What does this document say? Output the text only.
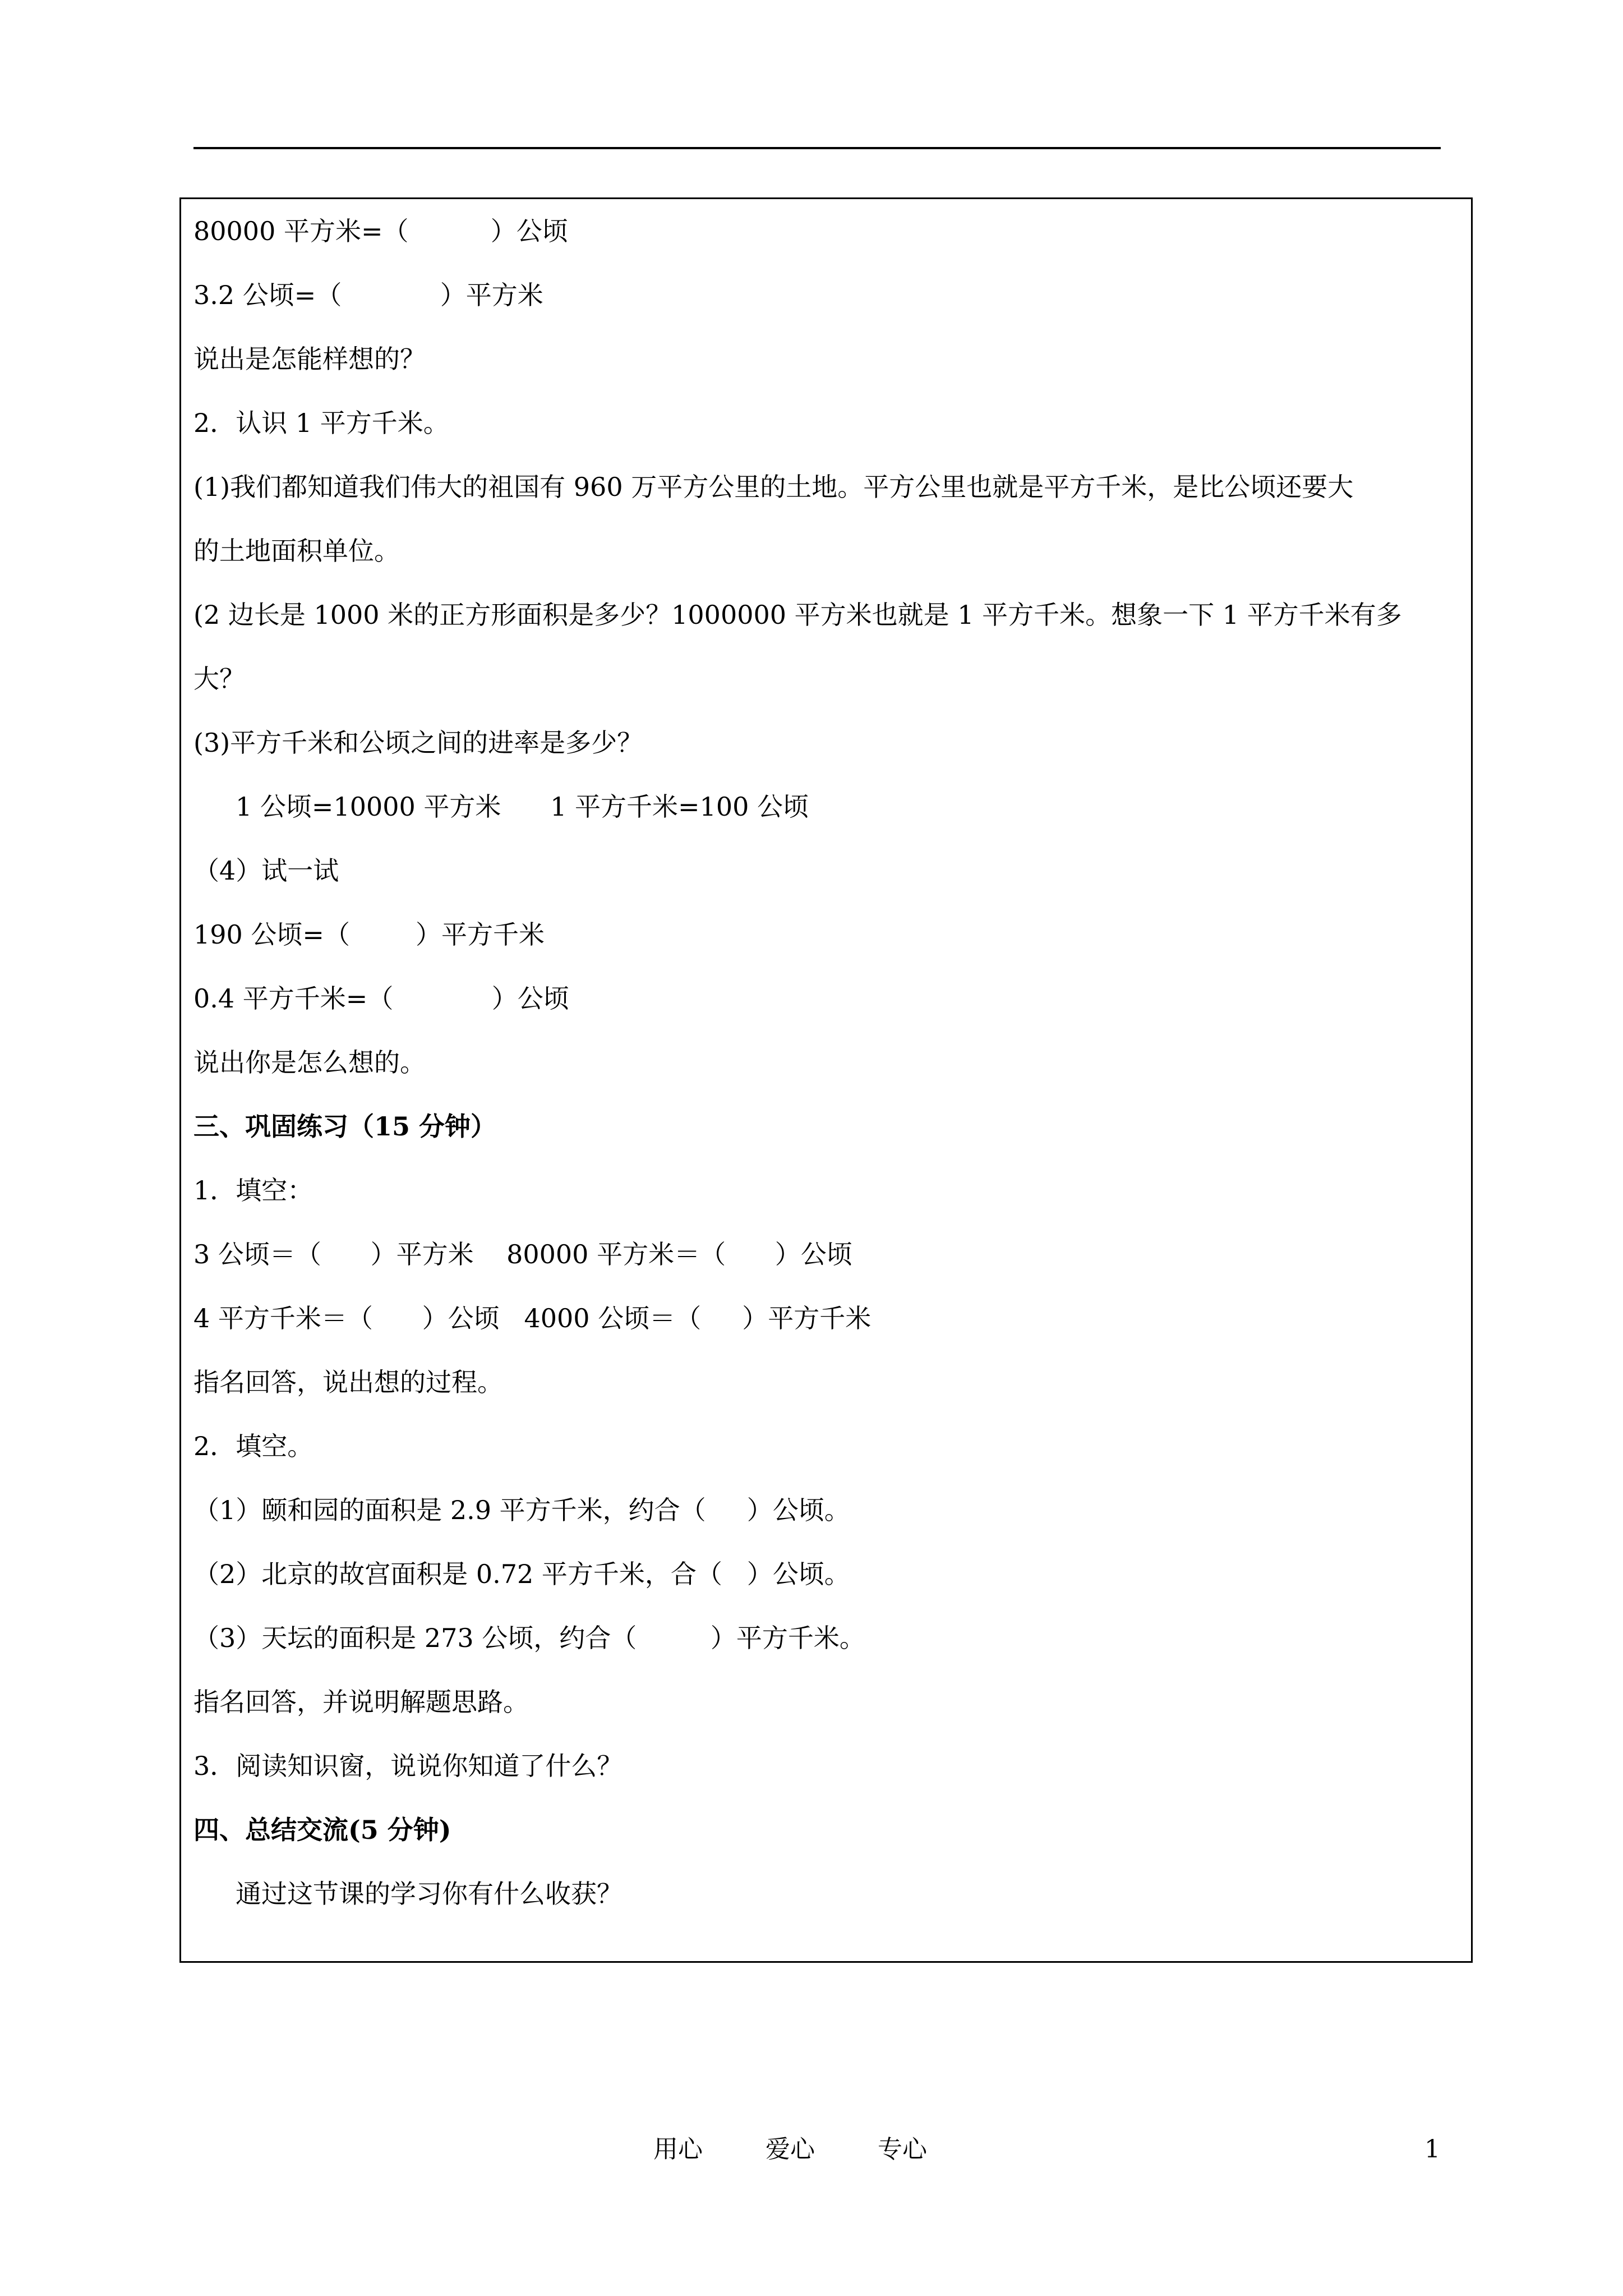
80000 平方米=（          ）公顷
3.2 公顷=（            ）平方米
说出是怎能样想的？
2．认识 1 平方千米。
(1)我们都知道我们伟大的祖国有 960 万平方公里的土地。平方公里也就是平方千米，是比公顷还要大
的土地面积单位。
(2 边长是 1000 米的正方形面积是多少？1000000 平方米也就是 1 平方千米。想象一下 1 平方千米有多
大？
(3)平方千米和公顷之间的进率是多少？
1 公顷=10000 平方米      1 平方千米=100 公顷
（4）试一试
190 公顷=（        ）平方千米
0.4 平方千米=（            ）公顷
说出你是怎么想的。
三、巩固练习（15 分钟）
1．填空：
3 公顷＝（      ）平方米    80000 平方米＝（      ）公顷
4 平方千米＝（      ）公顷   4000 公顷＝（     ）平方千米
指名回答，说出想的过程。
2．填空。
（1）颐和园的面积是 2.9 平方千米，约合（     ）公顷。
（2）北京的故宫面积是 0.72 平方千米，合（   ）公顷。
（3）天坛的面积是 273 公顷，约合（         ）平方千米。
指名回答，并说明解题思路。
3．阅读知识窗，说说你知道了什么？
四、总结交流(5 分钟)
通过这节课的学习你有什么收获？
用心	爱心	专心	1
